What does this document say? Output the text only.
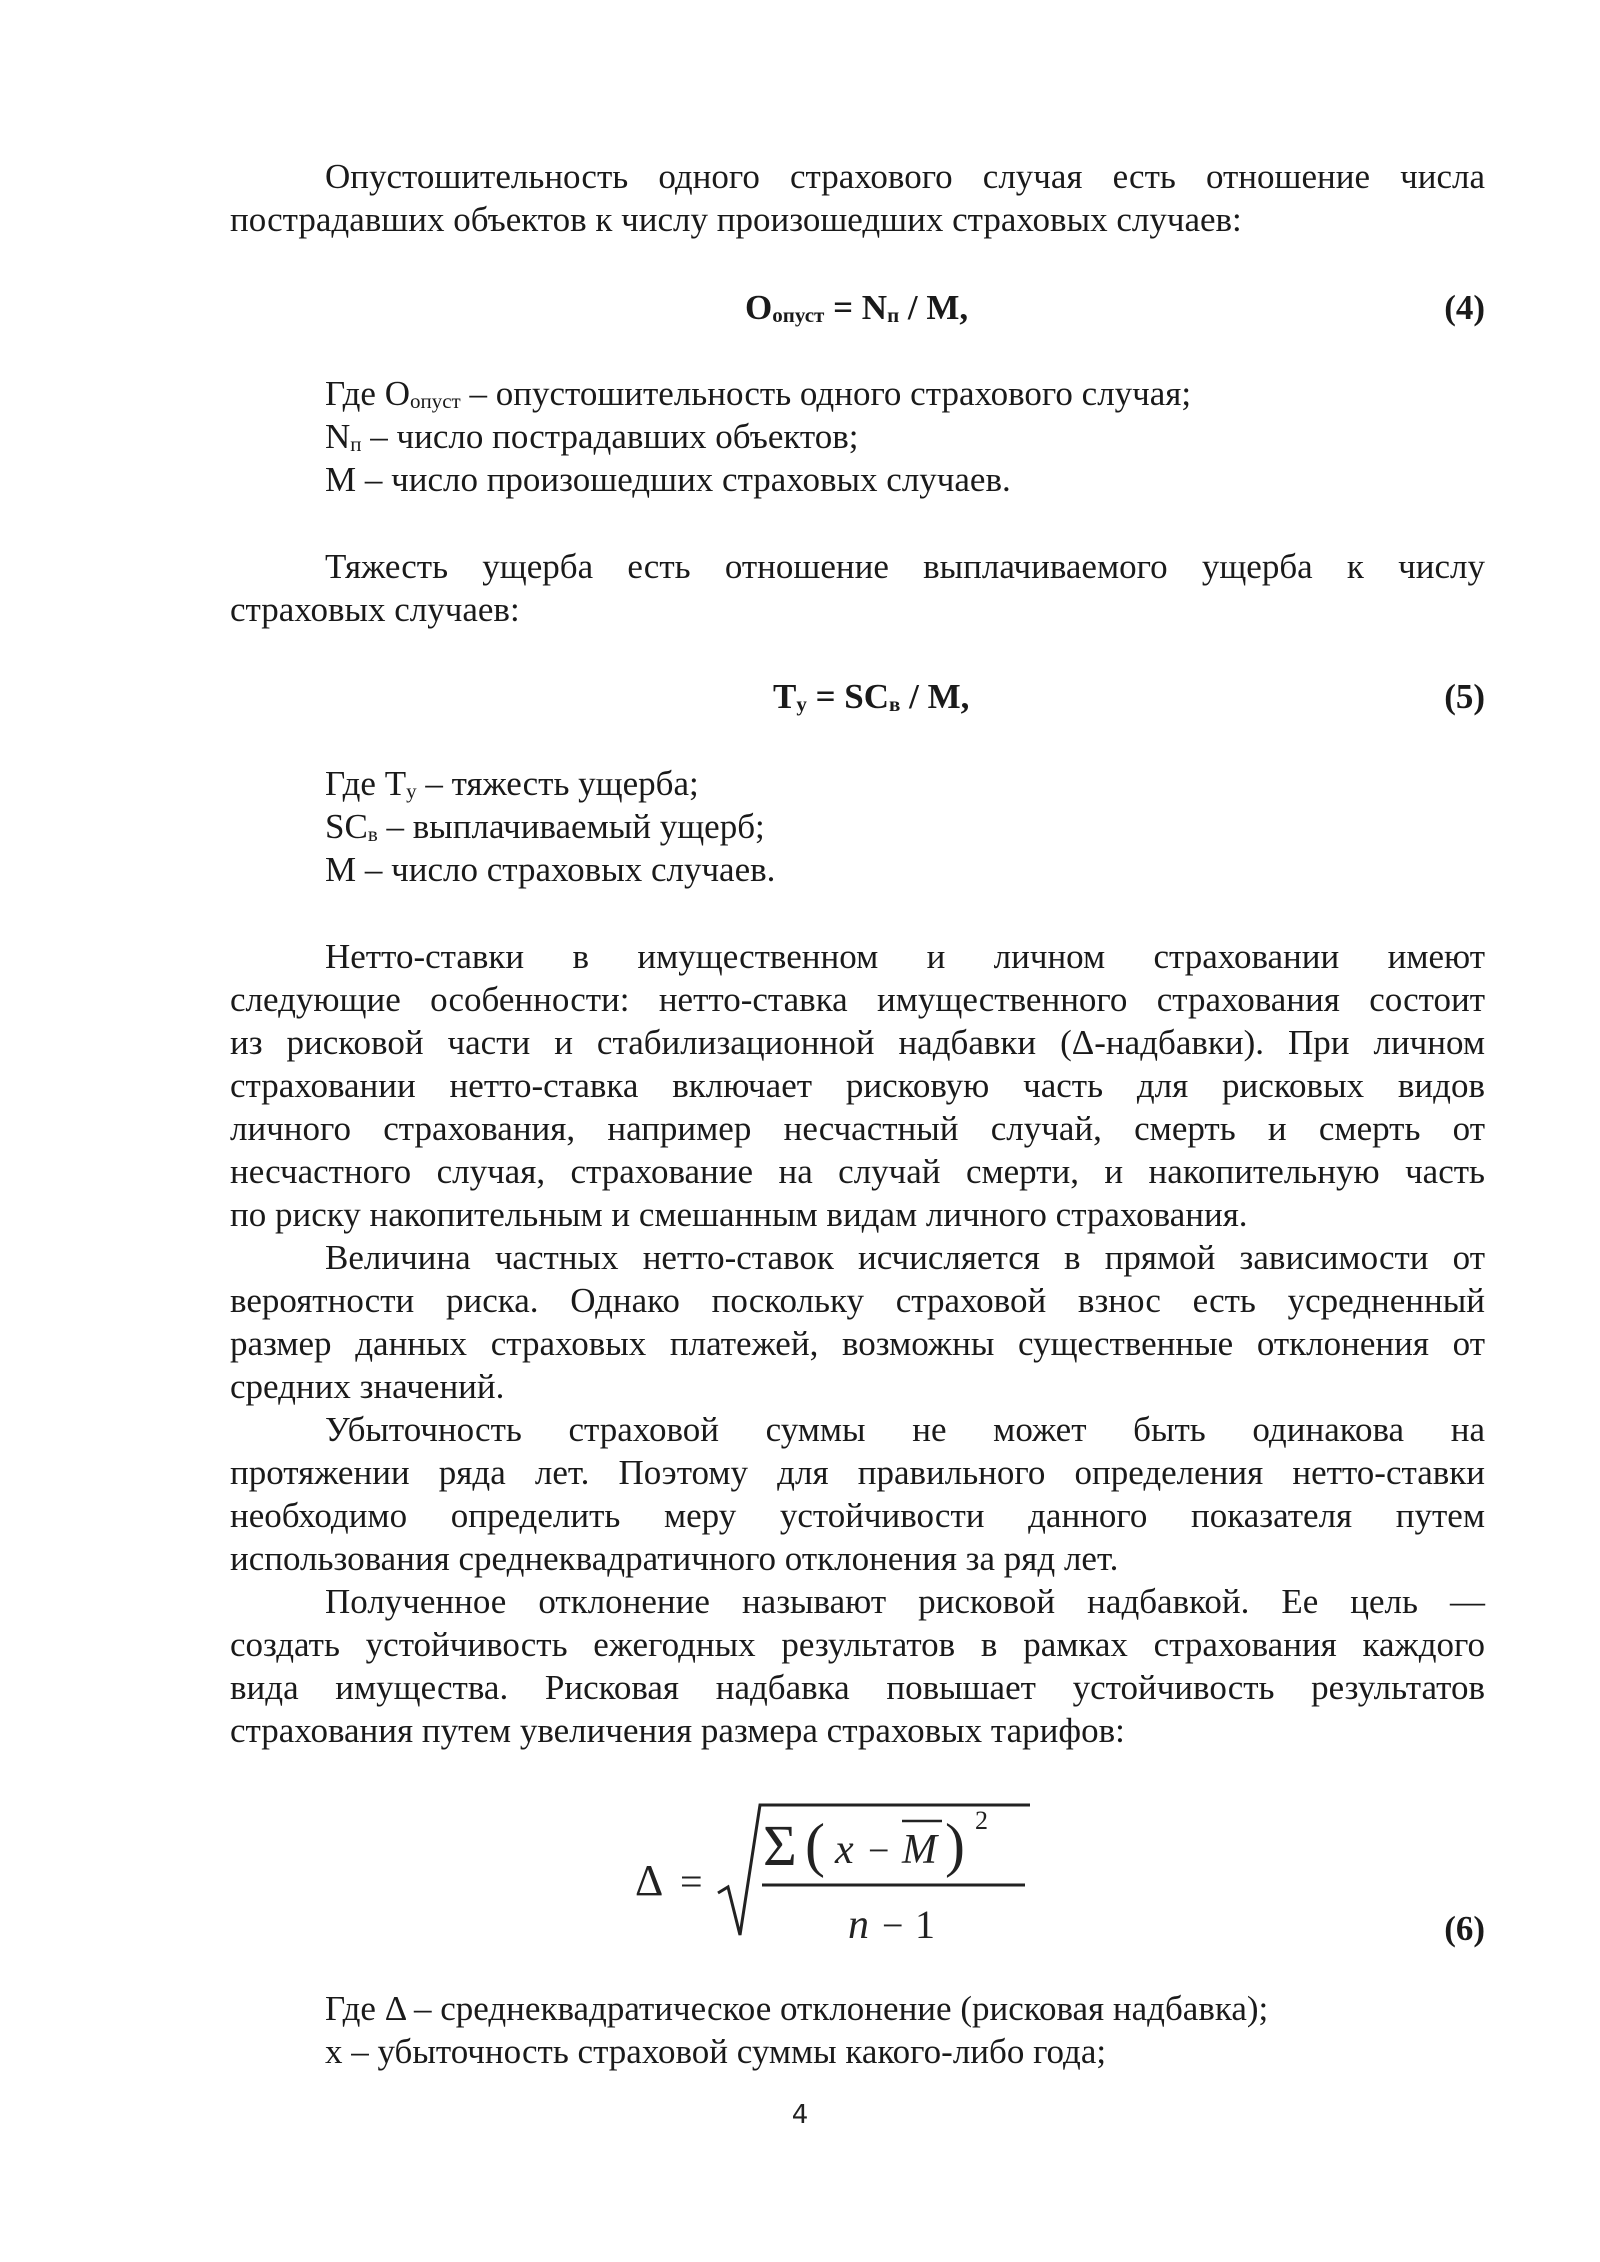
Опустошительность одного страхового случая есть отношение числа
пострадавших объектов к числу произошедших страховых случаев:
$O_{опуст} = N_п / M$,	(4)
Где $O_{опуст}$ – опустошительность одного страхового случая;
$N_п$ – число пострадавших объектов;
M – число произошедших страховых случаев.
Тяжесть ущерба есть отношение выплачиваемого ущерба к числу
страховых случаев:
$Т_у = SC_в / M$,	(5)
Где $Т_у$ – тяжесть ущерба;
$SC_в$ – выплачиваемый ущерб;
M – число страховых случаев.
Нетто-ставки в имущественном и личном страховании имеют
следующие особенности: нетто-ставка имущественного страхования состоит
из рисковой части и стабилизационной надбавки (Δ-надбавки). При личном
страховании нетто-ставка включает рисковую часть для рисковых видов
личного страхования, например несчастный случай, смерть и смерть от
несчастного случая, страхование на случай смерти, и накопительную часть
по риску накопительным и смешанным видам личного страхования.
Величина частных нетто-ставок исчисляется в прямой зависимости от
вероятности риска. Однако поскольку страховой взнос есть усредненный
размер данных страховых платежей, возможны существенные отклонения от
средних значений.
Убыточность страховой суммы не может быть одинакова на
протяжении ряда лет. Поэтому для правильного определения нетто-ставки
необходимо определить меру устойчивости данного показателя путем
использования среднеквадратичного отклонения за ряд лет.
Полученное отклонение называют рисковой надбавкой. Ее цель —
создать устойчивость ежегодных результатов в рамках страхования каждого
вида имущества. Рисковая надбавка повышает устойчивость результатов
страхования путем увеличения размера страховых тарифов:
Δ =
Σ ( x − M ) 2
n − 1	(6)
Где Δ – среднеквадратическое отклонение (рисковая надбавка);
x – убыточность страховой суммы какого-либо года;
4
